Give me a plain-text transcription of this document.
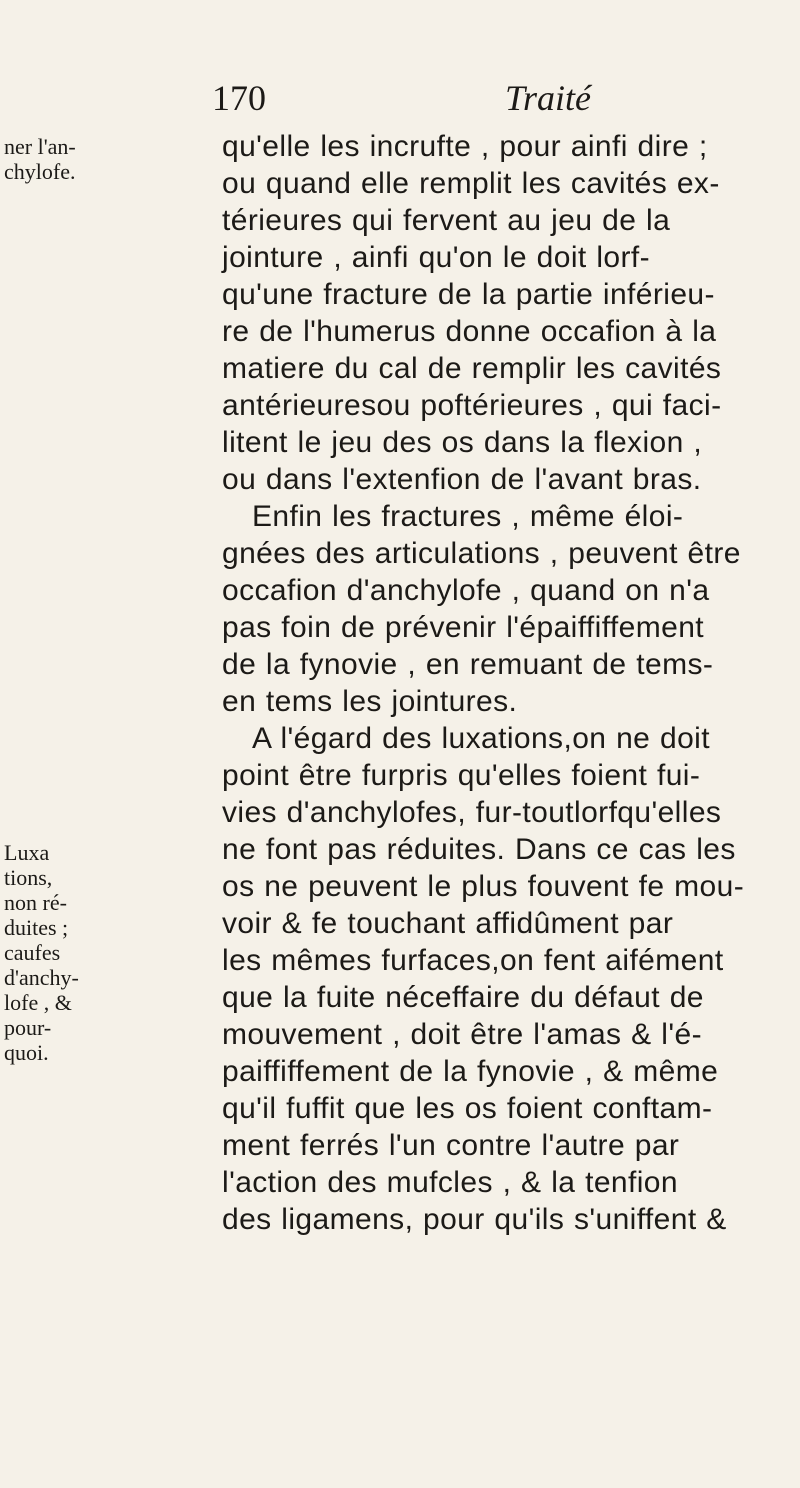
170	Traité
ner l'an-
chylofe.
Luxa
tions,
non ré-
duites ;
caufes
d'anchy-
lofe , &
pour-
quoi.
qu'elle les incrufte , pour ainfi dire ;
ou quand elle remplit les cavités ex-
térieures qui fervent au jeu de la
jointure , ainfi qu'on le doit lorf-
qu'une fracture de la partie inférieu-
re de l'humerus donne occafion à la
matiere du cal de remplir les cavités
antérieuresou poftérieures , qui faci-
litent le jeu des os dans la flexion ,
ou dans l'extenfion de l'avant bras.
Enfin les fractures , même éloi-
gnées des articulations , peuvent être
occafion d'anchylofe , quand on n'a
pas foin de prévenir l'épaiffiffement
de la fynovie , en remuant de tems-
en tems les jointures.
A l'égard des luxations,on ne doit
point être furpris qu'elles foient fui-
vies d'anchylofes, fur-toutlorfqu'elles
ne font pas réduites. Dans ce cas les
os ne peuvent le plus fouvent fe mou-
voir & fe touchant affidûment par
les mêmes furfaces,on fent aifément
que la fuite néceffaire du défaut de
mouvement , doit être l'amas & l'é-
paiffiffement de la fynovie , & même
qu'il fuffit que les os foient conftam-
ment ferrés l'un contre l'autre par
l'action des mufcles , & la tenfion
des ligamens, pour qu'ils s'uniffent &
